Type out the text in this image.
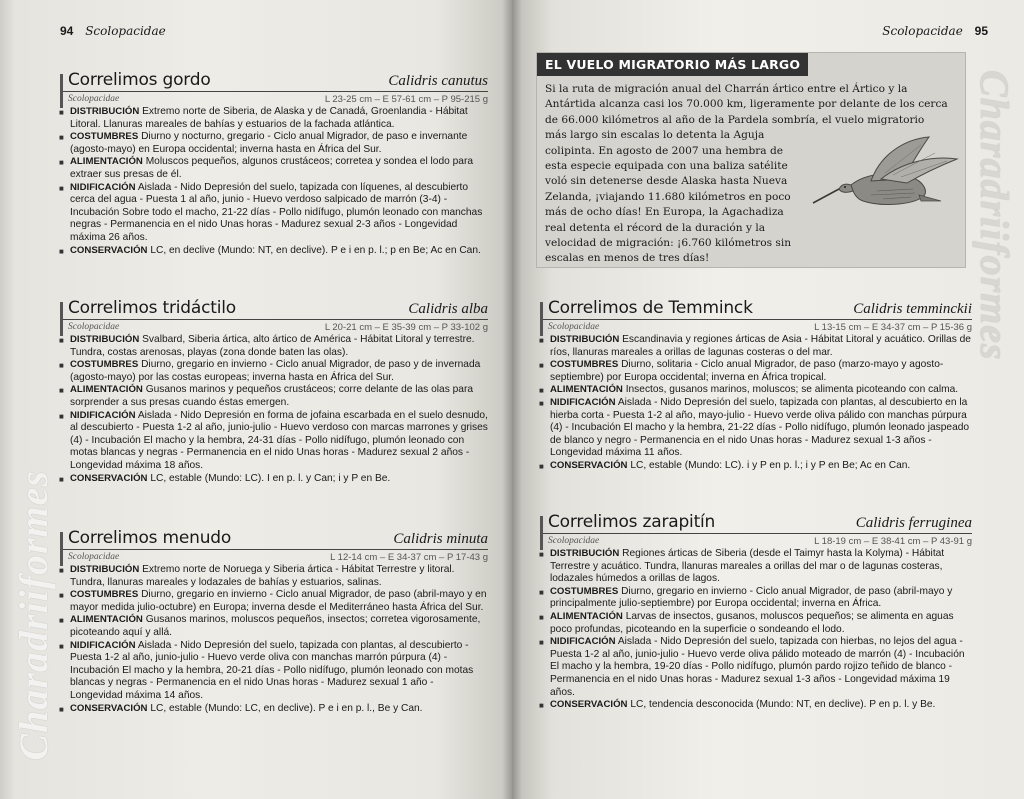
94 Scolopacidae
Charadriiformes
Correlimos gordo	Calidris canutus
Scolopacidae	L 23-25 cm – E 57-61 cm – P 95-215 g
■ DISTRIBUCIÓN Extremo norte de Siberia, de Alaska y de Canadá, Groenlandia - Hábitat Litoral. Llanuras mareales de bahías y estuarios de la fachada atlántica.
■ COSTUMBRES Diurno y nocturno, gregario - Ciclo anual Migrador, de paso e invernante (agosto-mayo) en Europa occidental; inverna hasta en África del Sur.
■ ALIMENTACIÓN Moluscos pequeños, algunos crustáceos; corretea y sondea el lodo para extraer sus presas de él.
■ NIDIFICACIÓN Aislada - Nido Depresión del suelo, tapizada con líquenes, al descubierto cerca del agua - Puesta 1 al año, junio - Huevo verdoso salpicado de marrón (3-4) - Incubación Sobre todo el macho, 21-22 días - Pollo nidífugo, plumón leonado con manchas negras - Permanencia en el nido Unas horas - Madurez sexual 2-3 años - Longevidad máxima 26 años.
■ CONSERVACIÓN LC, en declive (Mundo: NT, en declive). P e i en p. l.; p en Be; Ac en Can.
Correlimos tridáctilo	Calidris alba
Scolopacidae	L 20-21 cm – E 35-39 cm – P 33-102 g
■ DISTRIBUCIÓN Svalbard, Siberia ártica, alto ártico de América - Hábitat Litoral y terrestre. Tundra, costas arenosas, playas (zona donde baten las olas).
■ COSTUMBRES Diurno, gregario en invierno - Ciclo anual Migrador, de paso y de invernada (agosto-mayo) por las costas europeas; inverna hasta en África del Sur.
■ ALIMENTACIÓN Gusanos marinos y pequeños crustáceos; corre delante de las olas para sorprender a sus presas cuando éstas emergen.
■ NIDIFICACIÓN Aislada - Nido Depresión en forma de jofaina escarbada en el suelo desnudo, al descubierto - Puesta 1-2 al año, junio-julio - Huevo verdoso con marcas marrones y grises (4) - Incubación El macho y la hembra, 24-31 días - Pollo nidífugo, plumón leonado con motas blancas y negras - Permanencia en el nido Unas horas - Madurez sexual 2 años - Longevidad máxima 18 años.
■ CONSERVACIÓN LC, estable (Mundo: LC). I en p. l. y Can; i y P en Be.
Correlimos menudo	Calidris minuta
Scolopacidae	L 12-14 cm – E 34-37 cm – P 17-43 g
■ DISTRIBUCIÓN Extremo norte de Noruega y Siberia ártica - Hábitat Terrestre y litoral. Tundra, llanuras mareales y lodazales de bahías y estuarios, salinas.
■ COSTUMBRES Diurno, gregario en invierno - Ciclo anual Migrador, de paso (abril-mayo y en mayor medida julio-octubre) en Europa; inverna desde el Mediterráneo hasta África del Sur.
■ ALIMENTACIÓN Gusanos marinos, moluscos pequeños, insectos; corretea vigorosamente, picoteando aquí y allá.
■ NIDIFICACIÓN Aislada - Nido Depresión del suelo, tapizada con plantas, al descubierto - Puesta 1-2 al año, junio-julio - Huevo verde oliva con manchas marrón púrpura (4) - Incubación El macho y la hembra, 20-21 días - Pollo nidífugo, plumón leonado con motas blancas y negras - Permanencia en el nido Unas horas - Madurez sexual 1 año - Longevidad máxima 14 años.
■ CONSERVACIÓN LC, estable (Mundo: LC, en declive). P e i en p. l., Be y Can.
Scolopacidae 95
Charadriiformes
EL VUELO MIGRATORIO MÁS LARGO
Si la ruta de migración anual del Charrán ártico entre el Ártico y la Antártida alcanza casi los 70.000 km, ligeramente por delante de los cerca de 66.000 kilómetros al año de la Pardela sombría, el vuelo migratorio
más largo sin escalas lo detenta la Aguja colipinta. En agosto de 2007 una hembra de esta especie equipada con una baliza satélite voló sin detenerse desde Alaska hasta Nueva Zelanda, ¡viajando 11.680 kilómetros en poco más de ocho días! En Europa, la Agachadiza real detenta el récord de la duración y la velocidad de migración: ¡6.760 kilómetros sin escalas en menos de tres días!
Correlimos de Temminck	Calidris temminckii
Scolopacidae	L 13-15 cm – E 34-37 cm – P 15-36 g
■ DISTRIBUCIÓN Escandinavia y regiones árticas de Asia - Hábitat Litoral y acuático. Orillas de ríos, llanuras mareales a orillas de lagunas costeras o del mar.
■ COSTUMBRES Diurno, solitaria - Ciclo anual Migrador, de paso (marzo-mayo y agosto-septiembre) por Europa occidental; inverna en África tropical.
■ ALIMENTACIÓN Insectos, gusanos marinos, moluscos; se alimenta picoteando con calma.
■ NIDIFICACIÓN Aislada - Nido Depresión del suelo, tapizada con plantas, al descubierto en la hierba corta - Puesta 1-2 al año, mayo-julio - Huevo verde oliva pálido con manchas púrpura (4) - Incubación El macho y la hembra, 21-22 días - Pollo nidífugo, plumón leonado jaspeado de blanco y negro - Permanencia en el nido Unas horas - Madurez sexual 1-3 años - Longevidad máxima 11 años.
■ CONSERVACIÓN LC, estable (Mundo: LC). i y P en p. l.; i y P en Be; Ac en Can.
Correlimos zarapitín	Calidris ferruginea
Scolopacidae	L 18-19 cm – E 38-41 cm – P 43-91 g
■ DISTRIBUCIÓN Regiones árticas de Siberia (desde el Taimyr hasta la Kolyma) - Hábitat Terrestre y acuático. Tundra, llanuras mareales a orillas del mar o de lagunas costeras, lodazales húmedos a orillas de lagos.
■ COSTUMBRES Diurno, gregario en invierno - Ciclo anual Migrador, de paso (abril-mayo y principalmente julio-septiembre) por Europa occidental; inverna en África.
■ ALIMENTACIÓN Larvas de insectos, gusanos, moluscos pequeños; se alimenta en aguas poco profundas, picoteando en la superficie o sondeando el lodo.
■ NIDIFICACIÓN Aislada - Nido Depresión del suelo, tapizada con hierbas, no lejos del agua - Puesta 1-2 al año, junio-julio - Huevo verde oliva pálido moteado de marrón (4) - Incubación El macho y la hembra, 19-20 días - Pollo nidífugo, plumón pardo rojizo teñido de blanco - Permanencia en el nido Unas horas - Madurez sexual 1-3 años - Longevidad máxima 19 años.
■ CONSERVACIÓN LC, tendencia desconocida (Mundo: NT, en declive). P en p. l. y Be.
